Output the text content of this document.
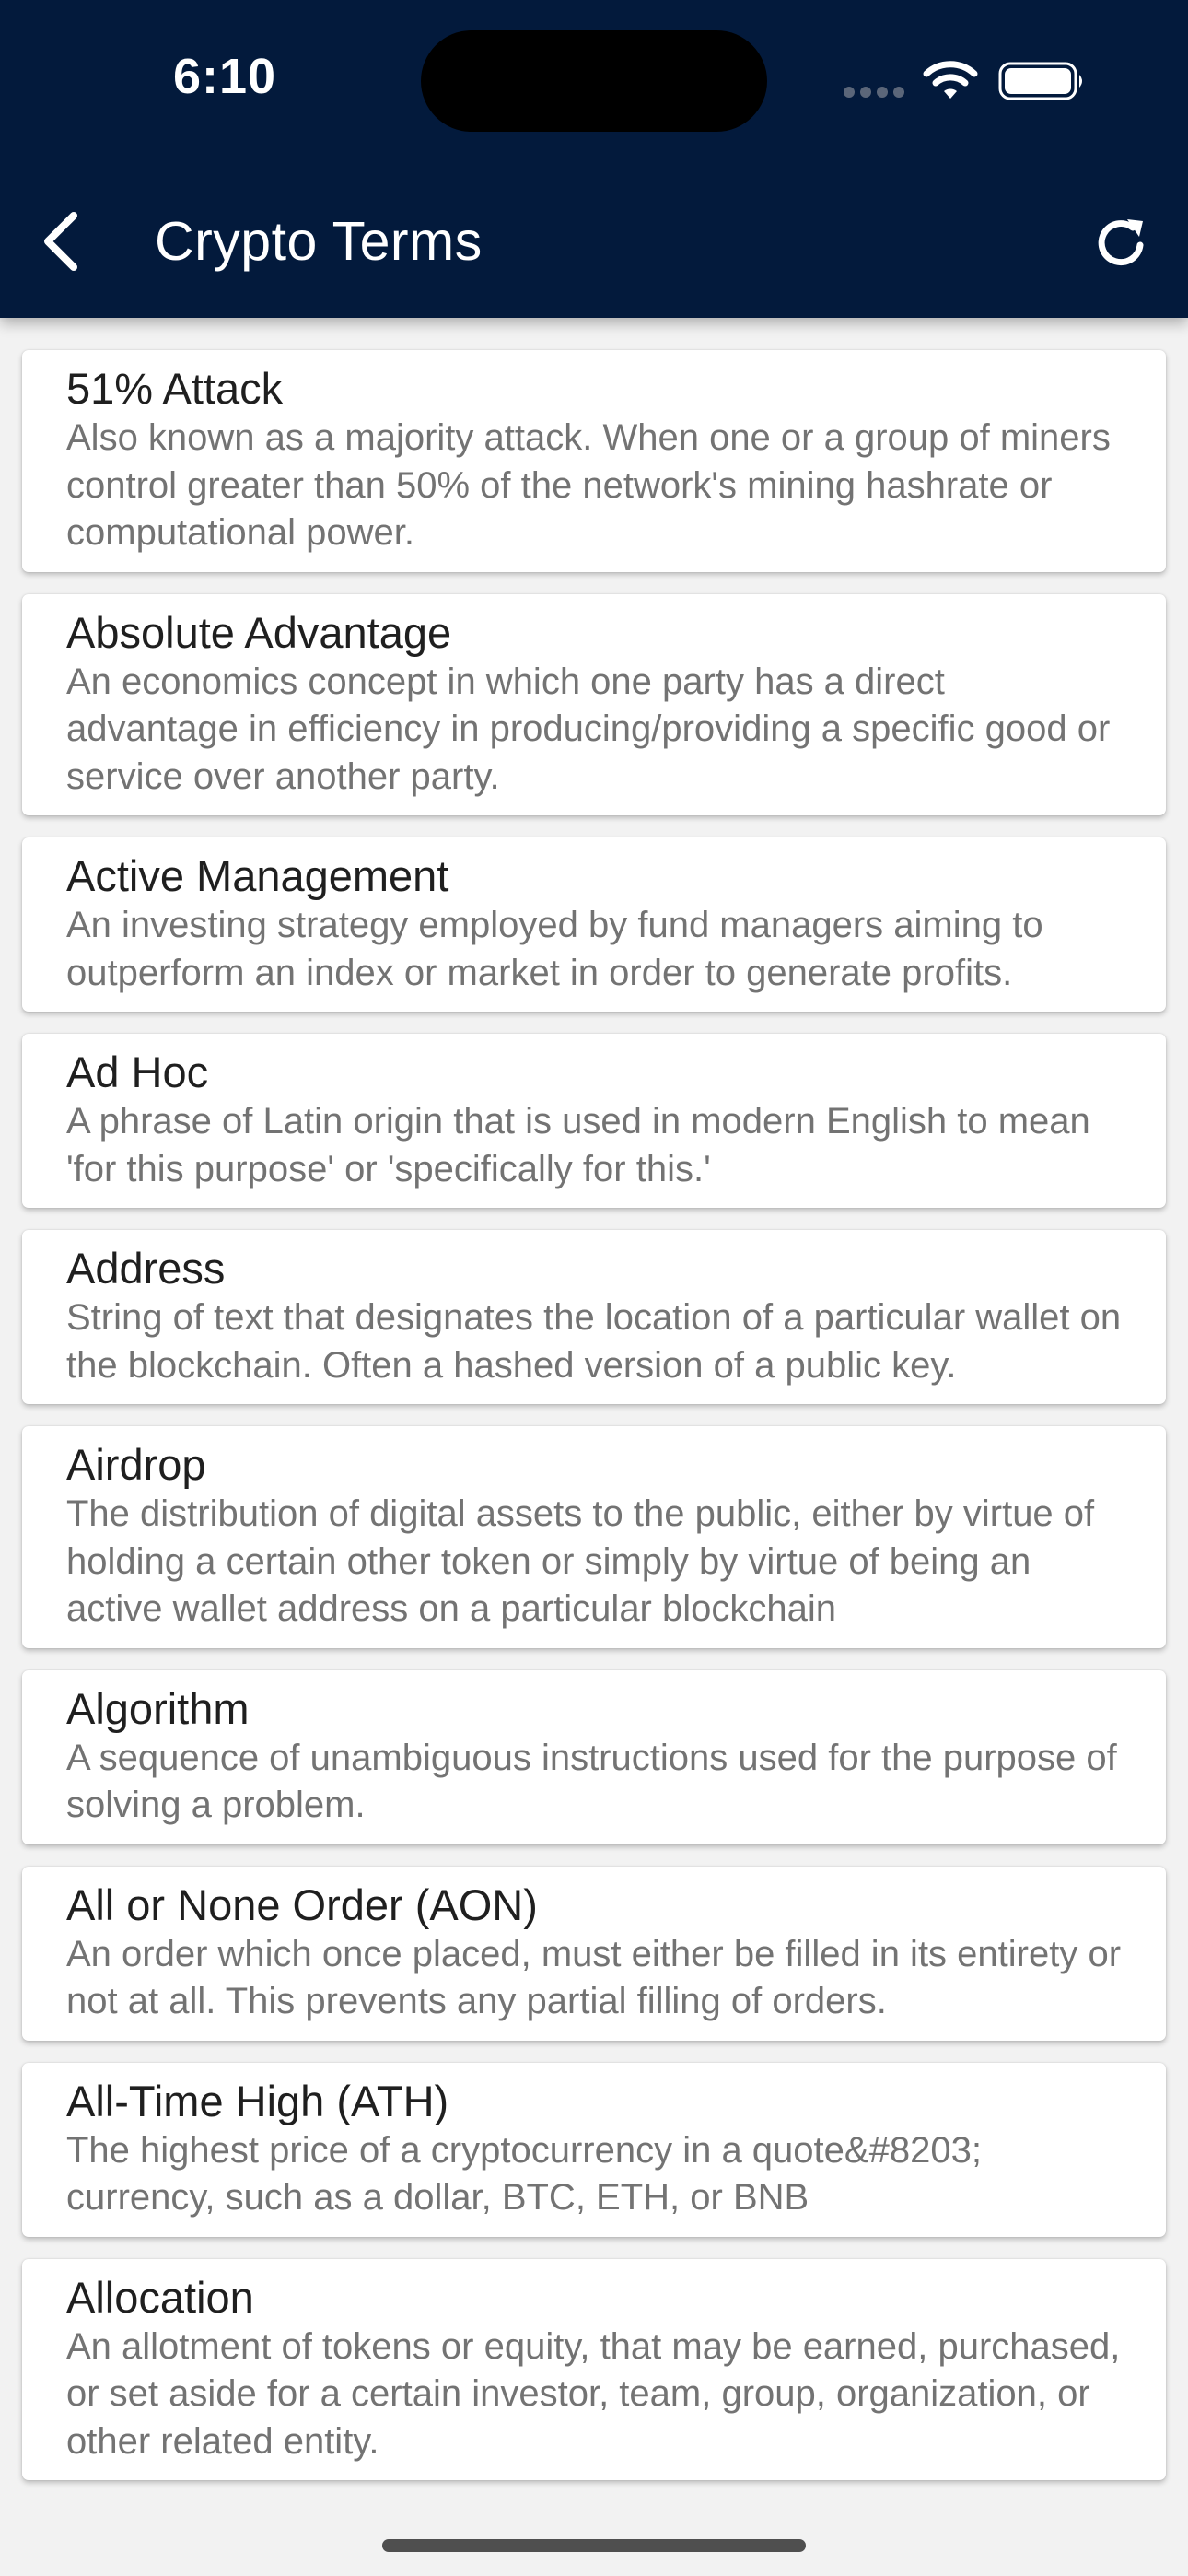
6:10
Crypto Terms
51% Attack
Also known as a majority attack. When one or a group of miners control greater than 50% of the network's mining hashrate or computational power.
Absolute Advantage
An economics concept in which one party has a direct advantage in efficiency in producing/providing a specific good or service over another party.
Active Management
An investing strategy employed by fund managers aiming to outperform an index or market in order to generate profits.
Ad Hoc
A phrase of Latin origin that is used in modern English to mean 'for this purpose' or 'specifically for this.'
Address
String of text that designates the location of a particular wallet on the blockchain. Often a hashed version of a public key.
Airdrop
The distribution of digital assets to the public, either by virtue of holding a certain other token or simply by virtue of being an active wallet address on a particular blockchain
Algorithm
A sequence of unambiguous instructions used for the purpose of solving a problem.
All or None Order (AON)
An order which once placed, must either be filled in its entirety or not at all. This prevents any partial filling of orders.
All-Time High (ATH)
The highest price of a cryptocurrency in a quote&#8203; currency, such as a dollar, BTC, ETH, or BNB
Allocation
An allotment of tokens or equity, that may be earned, purchased, or set aside for a certain investor, team, group, organization, or other related entity.
